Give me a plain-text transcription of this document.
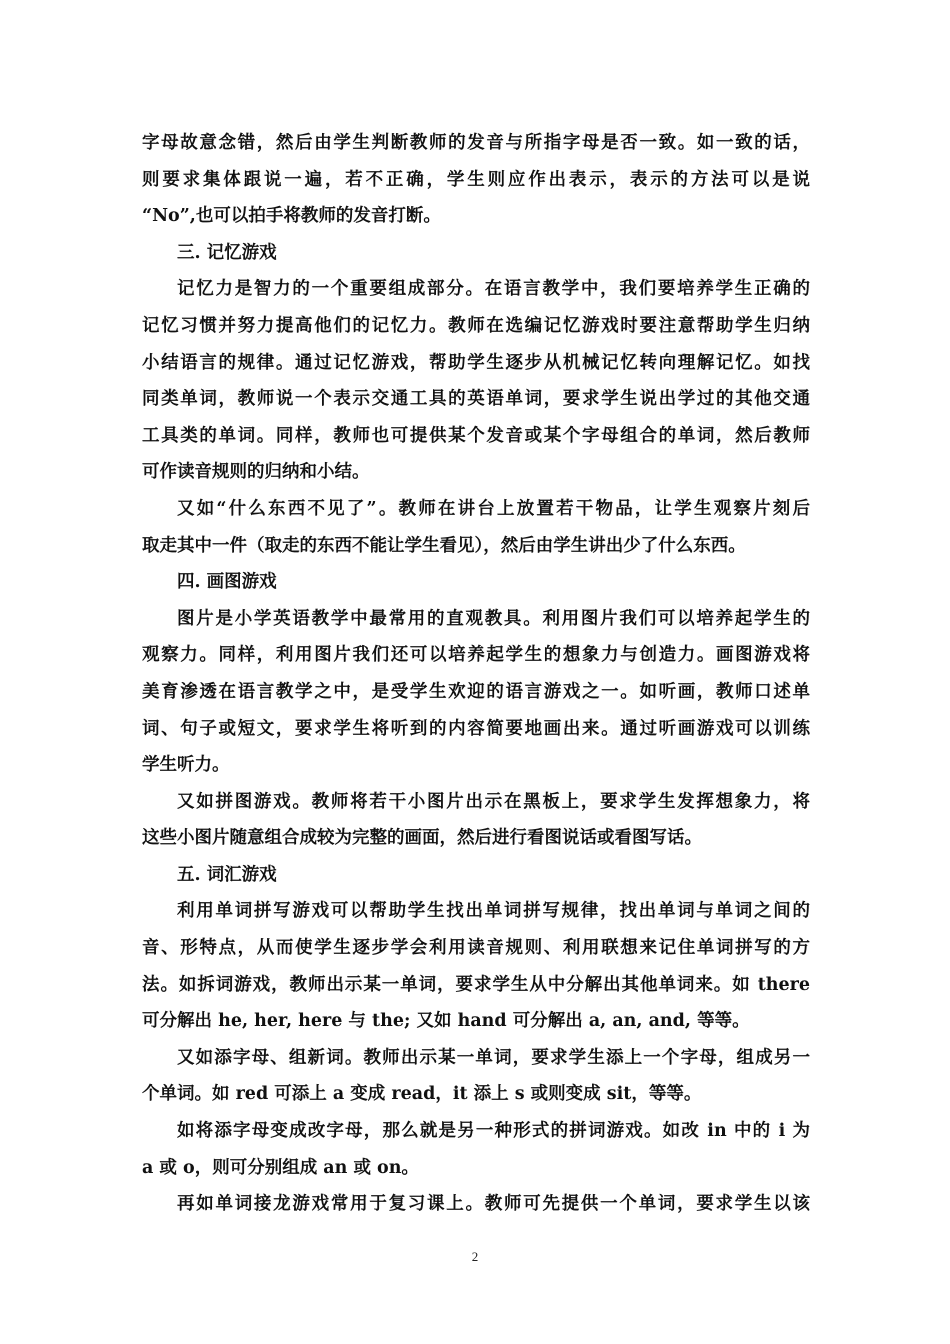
字母故意念错，然后由学生判断教师的发音与所指字母是否一致。如一致的话，
则要求集体跟说一遍，若不正确，学生则应作出表示，表示的方法可以是说
“No”,也可以拍手将教师的发音打断。
三. 记忆游戏
记忆力是智力的一个重要组成部分。在语言教学中，我们要培养学生正确的
记忆习惯并努力提高他们的记忆力。教师在选编记忆游戏时要注意帮助学生归纳
小结语言的规律。通过记忆游戏，帮助学生逐步从机械记忆转向理解记忆。如找
同类单词，教师说一个表示交通工具的英语单词，要求学生说出学过的其他交通
工具类的单词。同样，教师也可提供某个发音或某个字母组合的单词，然后教师
可作读音规则的归纳和小结。
又如“什么东西不见了”。教师在讲台上放置若干物品，让学生观察片刻后
取走其中一件（取走的东西不能让学生看见），然后由学生讲出少了什么东西。
四. 画图游戏
图片是小学英语教学中最常用的直观教具。利用图片我们可以培养起学生的
观察力。同样，利用图片我们还可以培养起学生的想象力与创造力。画图游戏将
美育渗透在语言教学之中，是受学生欢迎的语言游戏之一。如听画，教师口述单
词、句子或短文，要求学生将听到的内容简要地画出来。通过听画游戏可以训练
学生听力。
又如拼图游戏。教师将若干小图片出示在黑板上，要求学生发挥想象力，将
这些小图片随意组合成较为完整的画面，然后进行看图说话或看图写话。
五. 词汇游戏
利用单词拼写游戏可以帮助学生找出单词拼写规律，找出单词与单词之间的
音、形特点，从而使学生逐步学会利用读音规则、利用联想来记住单词拼写的方
法。如拆词游戏，教师出示某一单词，要求学生从中分解出其他单词来。如 there
可分解出 he, her, here 与 the; 又如 hand 可分解出 a, an, and, 等等。
又如添字母、组新词。教师出示某一单词，要求学生添上一个字母，组成另一
个单词。如 red 可添上 a 变成 read，it 添上 s 或则变成 sit，等等。
如将添字母变成改字母，那么就是另一种形式的拼词游戏。如改 in 中的 i 为
a 或 o，则可分别组成 an 或 on。
再如单词接龙游戏常用于复习课上。教师可先提供一个单词，要求学生以该
2
